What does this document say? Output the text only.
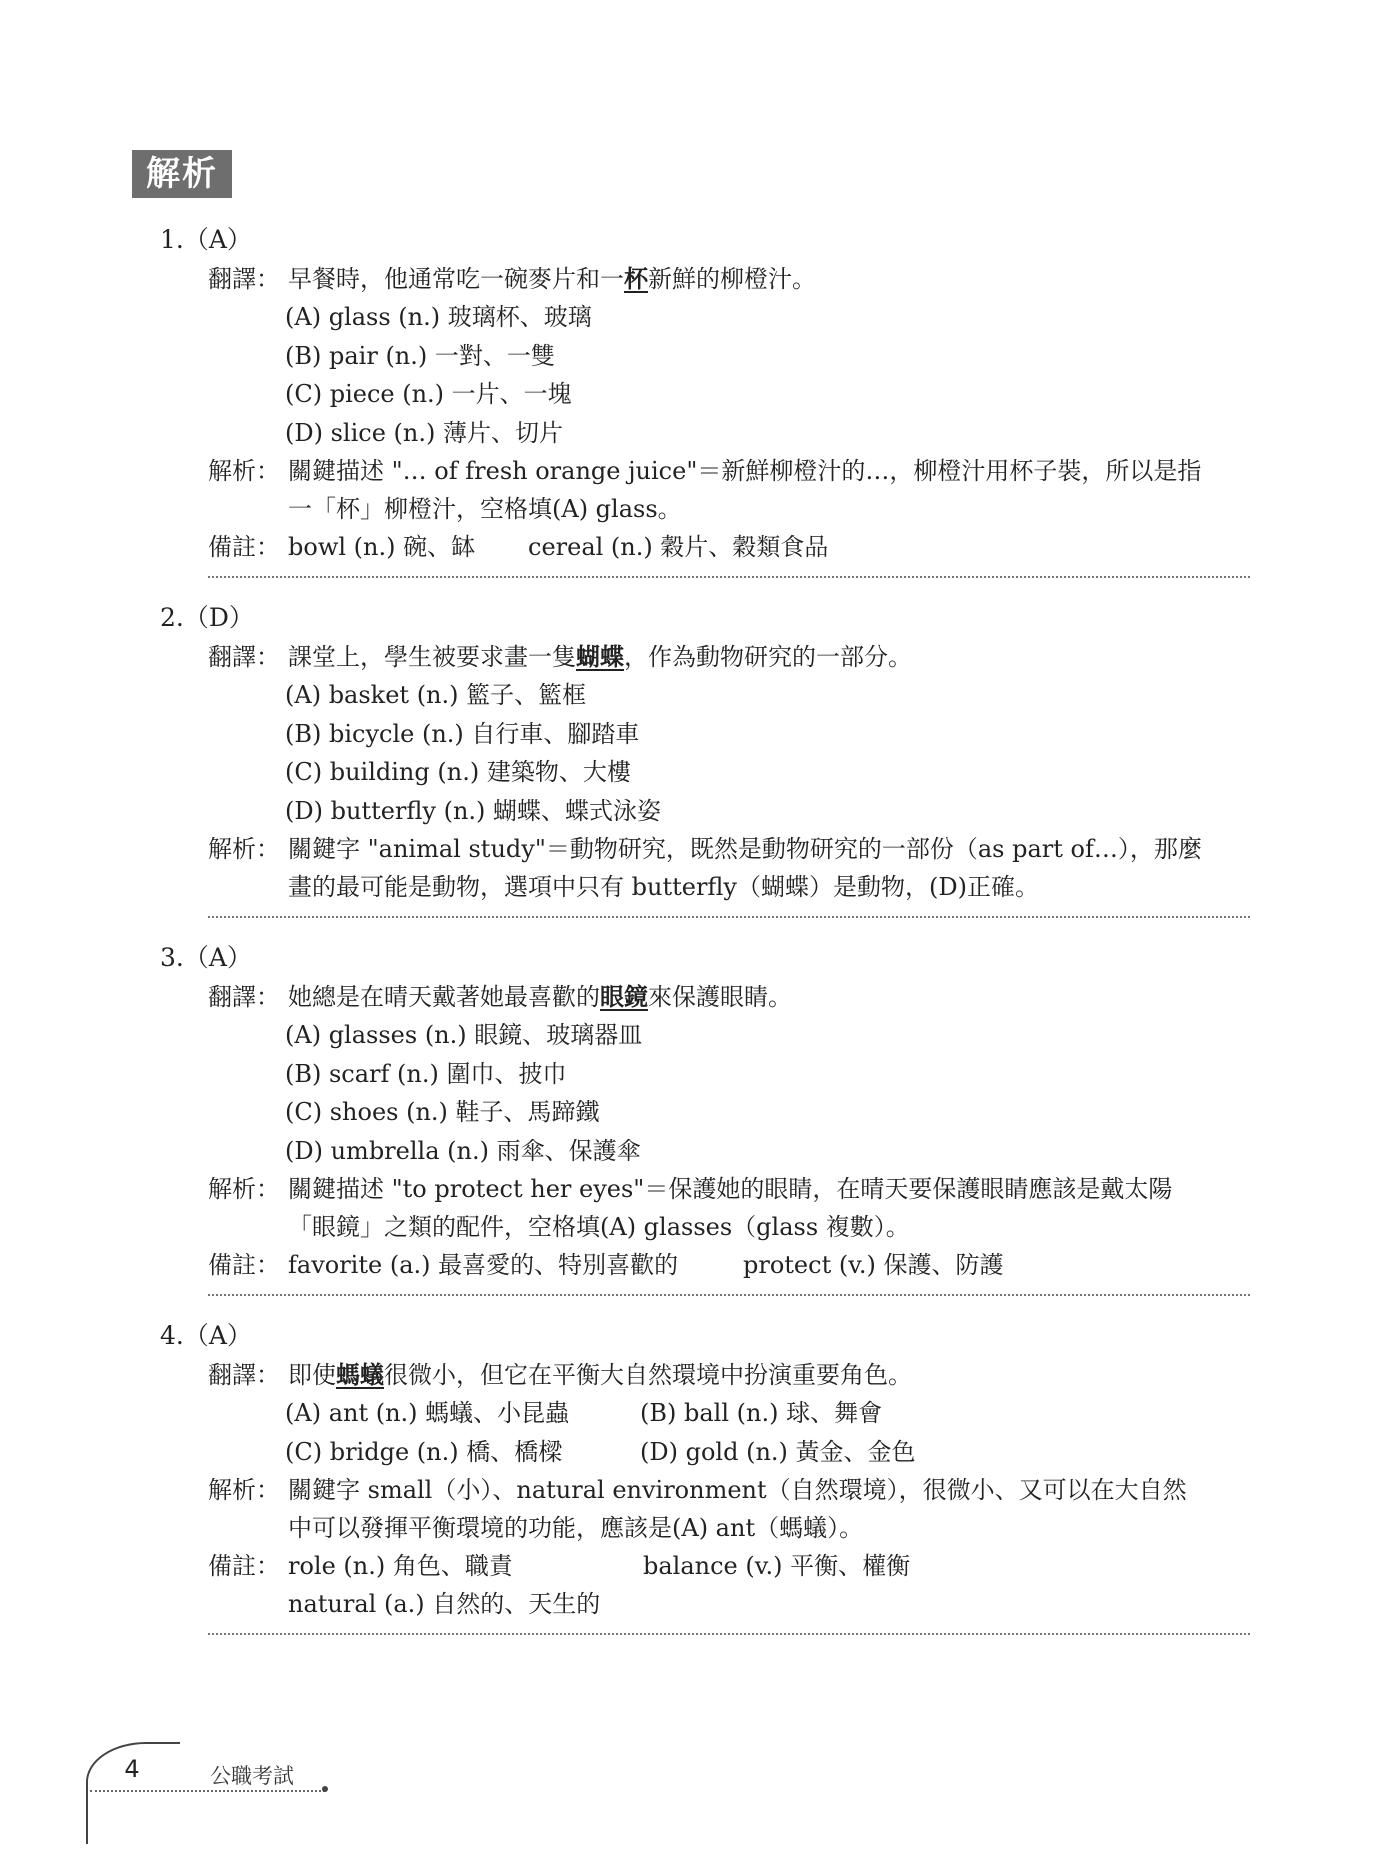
解析
1.（A）
翻譯： 早餐時，他通常吃一碗麥片和一杯新鮮的柳橙汁。
(A) glass (n.) 玻璃杯、玻璃
(B) pair (n.) 一對、一雙
(C) piece (n.) 一片、一塊
(D) slice (n.) 薄片、切片
解析： 關鍵描述 "… of fresh orange juice"＝新鮮柳橙汁的…，柳橙汁用杯子裝，所以是指
一「杯」柳橙汁，空格填(A) glass。
備註： bowl (n.) 碗、缽 cereal (n.) 穀片、穀類食品
2.（D）
翻譯： 課堂上，學生被要求畫一隻蝴蝶，作為動物研究的一部分。
(A) basket (n.) 籃子、籃框
(B) bicycle (n.) 自行車、腳踏車
(C) building (n.) 建築物、大樓
(D) butterfly (n.) 蝴蝶、蝶式泳姿
解析： 關鍵字 "animal study"＝動物研究，既然是動物研究的一部份（as part of…），那麼
畫的最可能是動物，選項中只有 butterfly（蝴蝶）是動物，(D)正確。
3.（A）
翻譯： 她總是在晴天戴著她最喜歡的眼鏡來保護眼睛。
(A) glasses (n.) 眼鏡、玻璃器皿
(B) scarf (n.) 圍巾、披巾
(C) shoes (n.) 鞋子、馬蹄鐵
(D) umbrella (n.) 雨傘、保護傘
解析： 關鍵描述 "to protect her eyes"＝保護她的眼睛，在晴天要保護眼睛應該是戴太陽
「眼鏡」之類的配件，空格填(A) glasses（glass 複數）。
備註： favorite (a.) 最喜愛的、特別喜歡的	protect (v.) 保護、防護
4.（A）
翻譯： 即使螞蟻很微小，但它在平衡大自然環境中扮演重要角色。
(A) ant (n.) 螞蟻、小昆蟲	(B) ball (n.) 球、舞會
(C) bridge (n.) 橋、橋樑	(D) gold (n.) 黃金、金色
解析： 關鍵字 small（小）、natural environment（自然環境），很微小、又可以在大自然
中可以發揮平衡環境的功能，應該是(A) ant（螞蟻）。
備註： role (n.) 角色、職責	balance (v.) 平衡、權衡
natural (a.) 自然的、天生的
4	公職考試
